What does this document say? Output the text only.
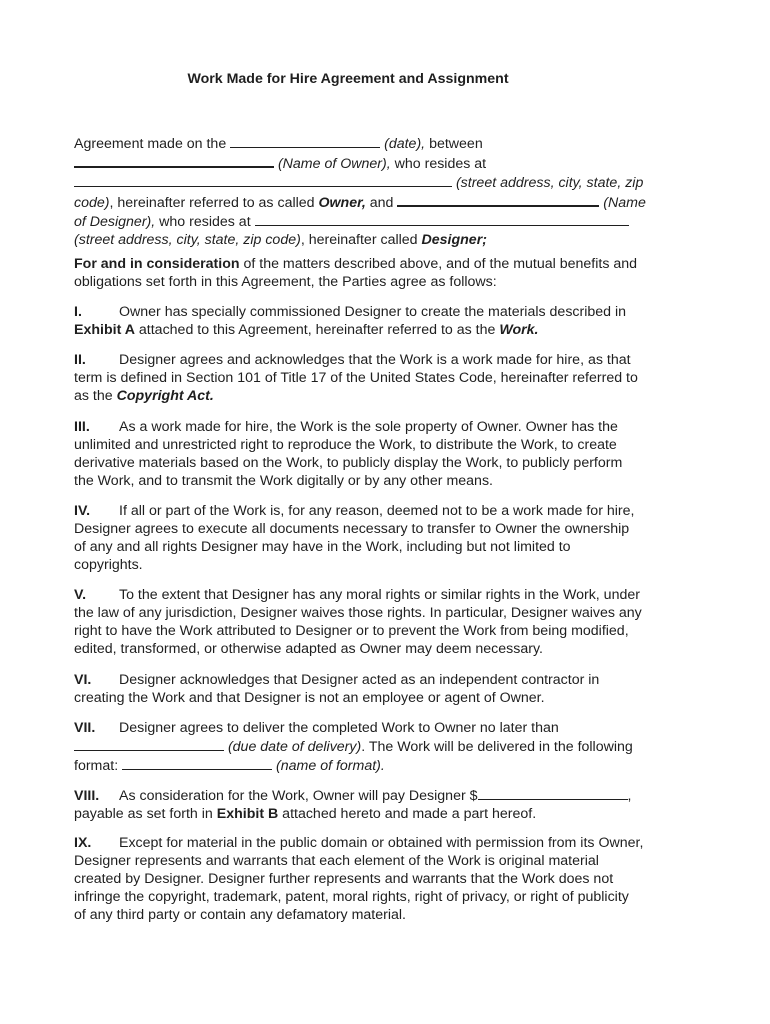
Work Made for Hire Agreement and Assignment
Agreement made on the	(date), between
(Name of Owner), who resides at
(street address, city, state, zip
code), hereinafter referred to as called Owner, and	(Name
of Designer), who resides at
(street address, city, state, zip code), hereinafter called Designer;
For and in consideration of the matters described above, and of the mutual benefits and
obligations set forth in this Agreement, the Parties agree as follows:
I.	Owner has specially commissioned Designer to create the materials described in
Exhibit A attached to this Agreement, hereinafter referred to as the Work.
II. Designer agrees and acknowledges that the Work is a work made for hire, as that
term is defined in Section 101 of Title 17 of the United States Code, hereinafter referred to
as the Copyright Act.
III. As a work made for hire, the Work is the sole property of Owner. Owner has the
unlimited and unrestricted right to reproduce the Work, to distribute the Work, to create
derivative materials based on the Work, to publicly display the Work, to publicly perform
the Work, and to transmit the Work digitally or by any other means.
IV. If all or part of the Work is, for any reason, deemed not to be a work made for hire,
Designer agrees to execute all documents necessary to transfer to Owner the ownership
of any and all rights Designer may have in the Work, including but not limited to
copyrights.
V. To the extent that Designer has any moral rights or similar rights in the Work, under
the law of any jurisdiction, Designer waives those rights. In particular, Designer waives any
right to have the Work attributed to Designer or to prevent the Work from being modified,
edited, transformed, or otherwise adapted as Owner may deem necessary.
VI. Designer acknowledges that Designer acted as an independent contractor in
creating the Work and that Designer is not an employee or agent of Owner.
VII. Designer agrees to deliver the completed Work to Owner no later than
(due date of delivery). The Work will be delivered in the following
format:	(name of format).
VIII. As consideration for the Work, Owner will pay Designer $	,
payable as set forth in Exhibit B attached hereto and made a part hereof.
IX. Except for material in the public domain or obtained with permission from its Owner,
Designer represents and warrants that each element of the Work is original material
created by Designer. Designer further represents and warrants that the Work does not
infringe the copyright, trademark, patent, moral rights, right of privacy, or right of publicity
of any third party or contain any defamatory material.
